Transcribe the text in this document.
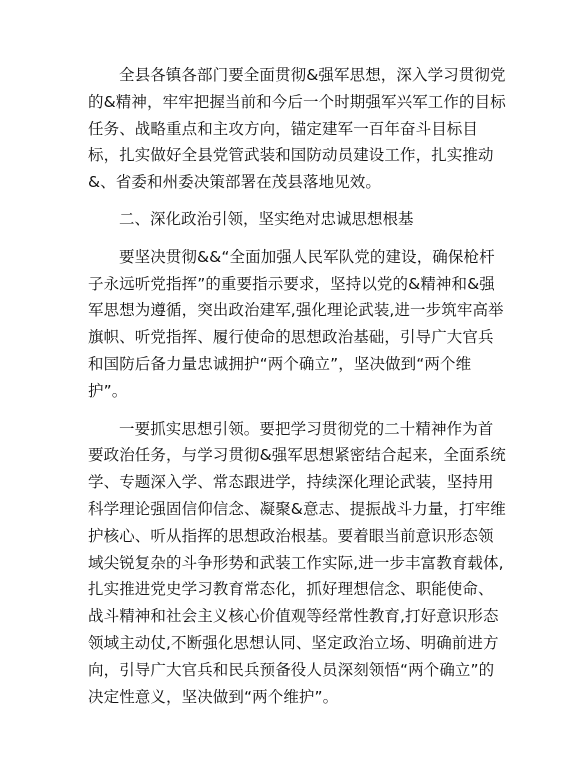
全县各镇各部门要全面贯彻&强军思想，深入学习贯彻党的&精神，牢牢把握当前和今后一个时期强军兴军工作的目标任务、战略重点和主攻方向，锚定建军一百年奋斗目标目标，扎实做好全县党管武装和国防动员建设工作，扎实推动&、省委和州委决策部署在茂县落地见效。

二、深化政治引领，坚实绝对忠诚思想根基

要坚决贯彻&&“全面加强人民军队党的建设，确保枪杆子永远听党指挥”的重要指示要求，坚持以党的&精神和&强军思想为遵循，突出政治建军,强化理论武装,进一步筑牢高举旗帜、听党指挥、履行使命的思想政治基础，引导广大官兵和国防后备力量忠诚拥护“两个确立”，坚决做到“两个维护”。

一要抓实思想引领。要把学习贯彻党的二十精神作为首要政治任务，与学习贯彻&强军思想紧密结合起来，全面系统学、专题深入学、常态跟进学，持续深化理论武装，坚持用科学理论强固信仰信念、凝聚&意志、提振战斗力量，打牢维护核心、听从指挥的思想政治根基。要着眼当前意识形态领域尖锐复杂的斗争形势和武装工作实际,进一步丰富教育载体,扎实推进党史学习教育常态化，抓好理想信念、职能使命、战斗精神和社会主义核心价值观等经常性教育,打好意识形态领域主动仗,不断强化思想认同、坚定政治立场、明确前进方向，引导广大官兵和民兵预备役人员深刻领悟“两个确立”的决定性意义，坚决做到“两个维护”。
